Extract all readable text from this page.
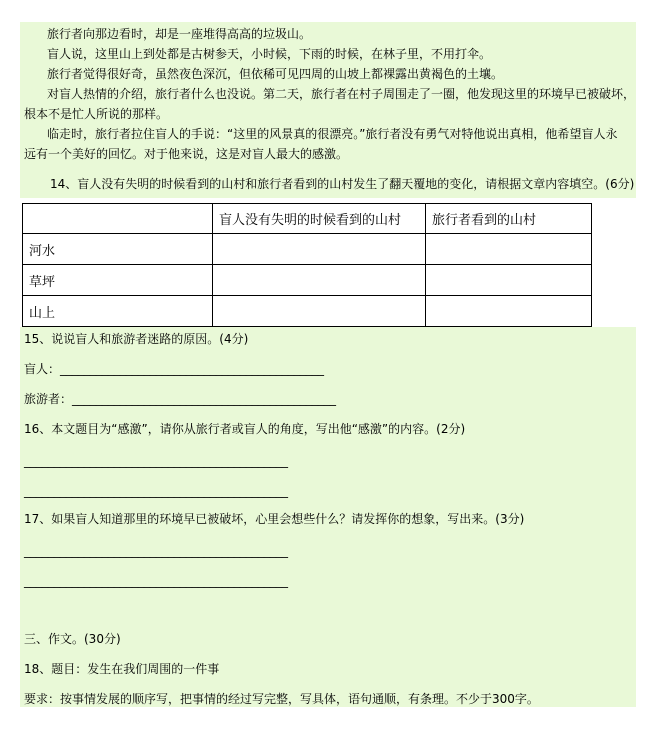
旅行者向那边看时，却是一座堆得高高的垃圾山。
盲人说，这里山上到处都是古树参天，小时候，下雨的时候，在林子里，不用打伞。
旅行者觉得很好奇，虽然夜色深沉，但依稀可见四周的山坡上都裸露出黄褐色的土壤。
对盲人热情的介绍，旅行者什么也没说。第二天，旅行者在村子周围走了一圈，他发现这里的环境早已被破坏，
根本不是忙人所说的那样。
临走时，旅行者拉住盲人的手说：“这里的风景真的很漂亮。”旅行者没有勇气对特他说出真相，他希望盲人永
远有一个美好的回忆。对于他来说，这是对盲人最大的感激。
14、盲人没有失明的时候看到的山村和旅行者看到的山村发生了翻天覆地的变化，请根据文章内容填空。(6分)
	盲人没有失明的时候看到的山村	旅行者看到的山村
河水		
草坪		
山上		
15、说说盲人和旅游者迷路的原因。(4分)
盲人： ____________________________________________
旅游者： ____________________________________________
16、本文题目为“感激”，请你从旅行者或盲人的角度，写出他“感激”的内容。(2分)
____________________________________________
____________________________________________
17、如果盲人知道那里的环境早已被破坏，心里会想些什么？请发挥你的想象，写出来。(3分)
____________________________________________
____________________________________________
三、作文。(30分)
18、题目：发生在我们周围的一件事
要求：按事情发展的顺序写，把事情的经过写完整，写具体，语句通顺，有条理。不少于300字。
